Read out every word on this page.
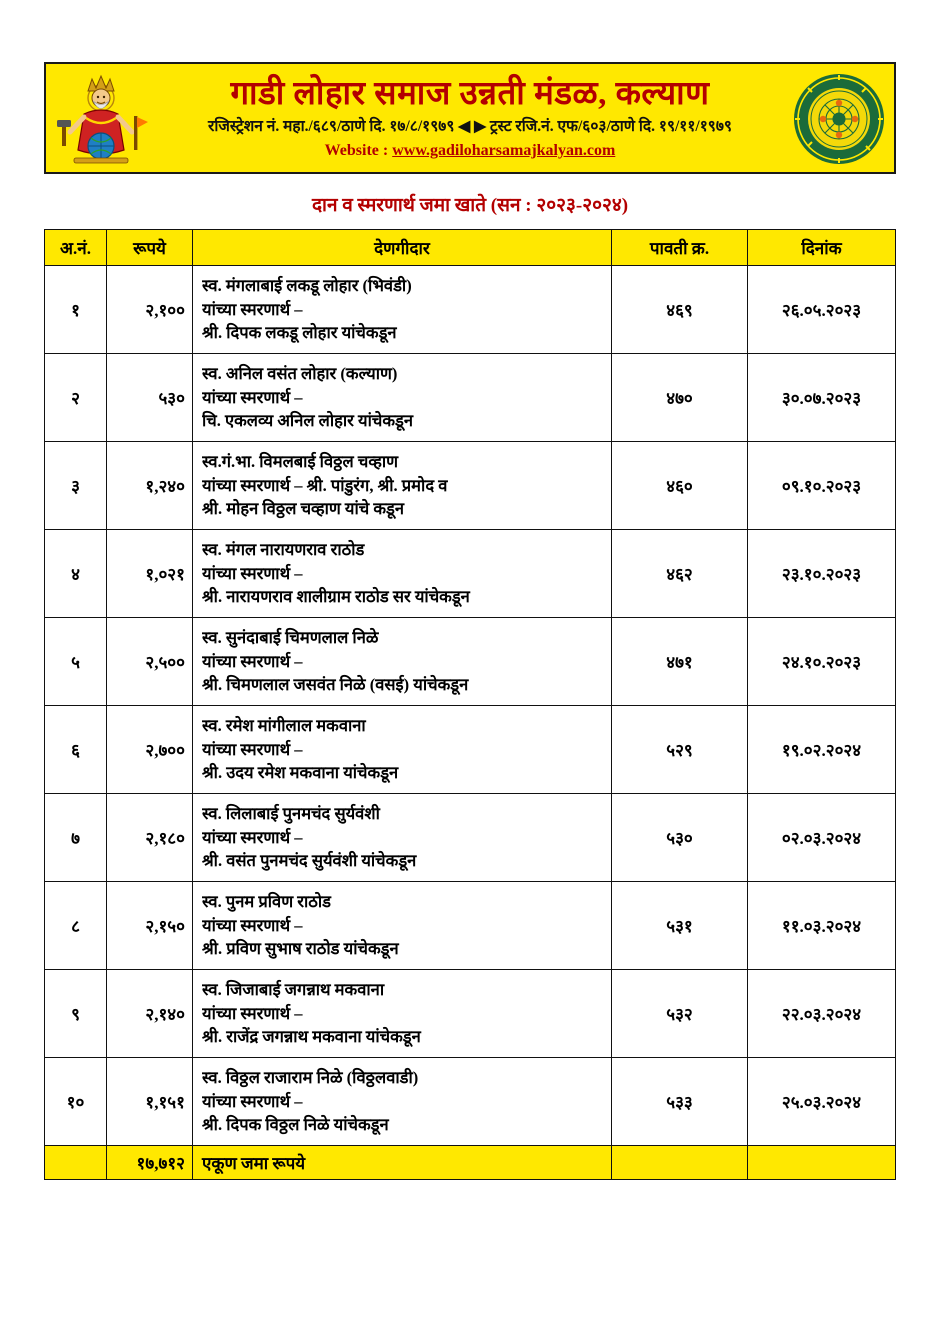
गाडी लोहार समाज उन्नती मंडळ, कल्याण
रजिस्ट्रेशन नं. महा./६८९/ठाणे दि. १७/८/१९७९ ◀ ▶ ट्रस्ट रजि.नं. एफ/६०३/ठाणे दि. १९/११/१९७९
Website : www.gadiloharsamajkalyan.com
दान व स्मरणार्थ जमा खाते (सन : २०२३-२०२४)
अ.नं.	रूपये	देणगीदार	पावती क्र.	दिनांक
१	२,१००	स्व. मंगलाबाई लकडू लोहार (भिवंडी)
यांच्या स्मरणार्थ –
श्री. दिपक लकडू लोहार यांचेकडून	४६९	२६.०५.२०२३
२	५३०	स्व. अनिल वसंत लोहार (कल्याण)
यांच्या स्मरणार्थ –
चि. एकलव्य अनिल लोहार यांचेकडून	४७०	३०.०७.२०२३
३	१,२४०	स्व.गं.भा. विमलबाई विठ्ठल चव्हाण
यांच्या स्मरणार्थ – श्री. पांडुरंग, श्री. प्रमोद व
श्री. मोहन विठ्ठल चव्हाण यांचे कडून	४६०	०९.१०.२०२३
४	१,०२१	स्व. मंगल नारायणराव राठोड
यांच्या स्मरणार्थ –
श्री. नारायणराव शालीग्राम राठोड सर यांचेकडून	४६२	२३.१०.२०२३
५	२,५००	स्व. सुनंदाबाई चिमणलाल निळे
यांच्या स्मरणार्थ –
श्री. चिमणलाल जसवंत निळे (वसई) यांचेकडून	४७१	२४.१०.२०२३
६	२,७००	स्व. रमेश मांगीलाल मकवाना
यांच्या स्मरणार्थ –
श्री. उदय रमेश मकवाना यांचेकडून	५२९	१९.०२.२०२४
७	२,१८०	स्व. लिलाबाई पुनमचंद सुर्यवंशी
यांच्या स्मरणार्थ –
श्री. वसंत पुनमचंद सुर्यवंशी यांचेकडून	५३०	०२.०३.२०२४
८	२,१५०	स्व. पुनम प्रविण राठोड
यांच्या स्मरणार्थ –
श्री. प्रविण सुभाष राठोड यांचेकडून	५३१	११.०३.२०२४
९	२,१४०	स्व. जिजाबाई जगन्नाथ मकवाना
यांच्या स्मरणार्थ –
श्री. राजेंद्र जगन्नाथ मकवाना यांचेकडून	५३२	२२.०३.२०२४
१०	१,१५१	स्व. विठ्ठल राजाराम निळे (विठ्ठलवाडी)
यांच्या स्मरणार्थ –
श्री. दिपक विठ्ठल निळे यांचेकडून	५३३	२५.०३.२०२४
	१७,७१२	एकूण जमा रूपये		
